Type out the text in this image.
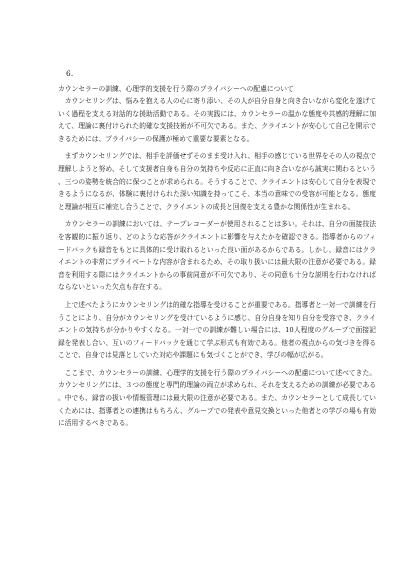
6.
カウンセラーの訓練、心理学的支援を行う際のプライバシーへの配慮について

カウンセリングは、悩みを抱える人の心に寄り添い、その人が自分自身と向き合いながら変化を遂げていく過程を支える対話的な援助活動である。その実践には、カウンセラーの温かな態度や共感的理解に加えて、理論に裏付けられた的確な支援技術が不可欠である。また、クライエントが安心して自己を開示できるためには、プライバシーの保護が極めて重要な要素となる。

まずカウンセリングでは、相手を評価せずそのまま受け入れ、相手の感じている世界をその人の視点で理解しようと努め、そして支援者自身も自分の気持ちや反応に正直に向き合いながら誠実に関わるという、三つの姿勢を統合的に保つことが求められる。そうすることで、クライエントは安心して自分を表現できるようになるが、体験に裏付けられた深い知識を持ってこそ、本当の意味での受容が可能となる。態度と理論が相互に補完し合うことで、クライエントの成長と回復を支える豊かな関係性が生まれる。

カウンセラーの訓練においては、テープレコーダーが使用されることは多い。それは、自分の面接技法を客観的に振り返り、どのような応答がクライエントに影響を与えたかを確認できる。指導者からのフィードバックも録音をもとに具体的に受け取れるといった良い面があるからである。しかし、録音にはクライエントの非常にプライベートな内容が含まれるため、その取り扱いには最大限の注意が必要である。録音を利用する際にはクライエントからの事前同意が不可欠であり、その同意も十分な説明を行わなければならないといった欠点も存在する。

上で述べたようにカウンセリングは的確な指導を受けることが重要である。指導者と一対一で訓練を行うことにより、自分がカウンセリングを受けているように感じ、自分自身を知り自分を受容でき、クライエントの気持ちが分かりやすくなる。一対一での訓練が難しい場合には、10人程度のグループで面接記録を発表し合い、互いのフィードバックを通じて学ぶ形式も有効である。他者の視点からの気づきを得ることで、自身では見落としていた対応や課題にも気づくことができ、学びの幅が広がる。

ここまで、カウンセラーの訓練、心理学的支援を行う際のプライバシーへの配慮について述べてきた。カウンセリングには、３つの態度と専門的理論の両立が求められ、それを支えるための訓練が必要である。中でも、録音の扱いや情報管理には最大限の注意が必要である。また、カウンセラーとして成長していくためには、指導者との連携はもちろん、グループでの発表や意見交換といった他者との学びの場も有効に活用するべきである。
